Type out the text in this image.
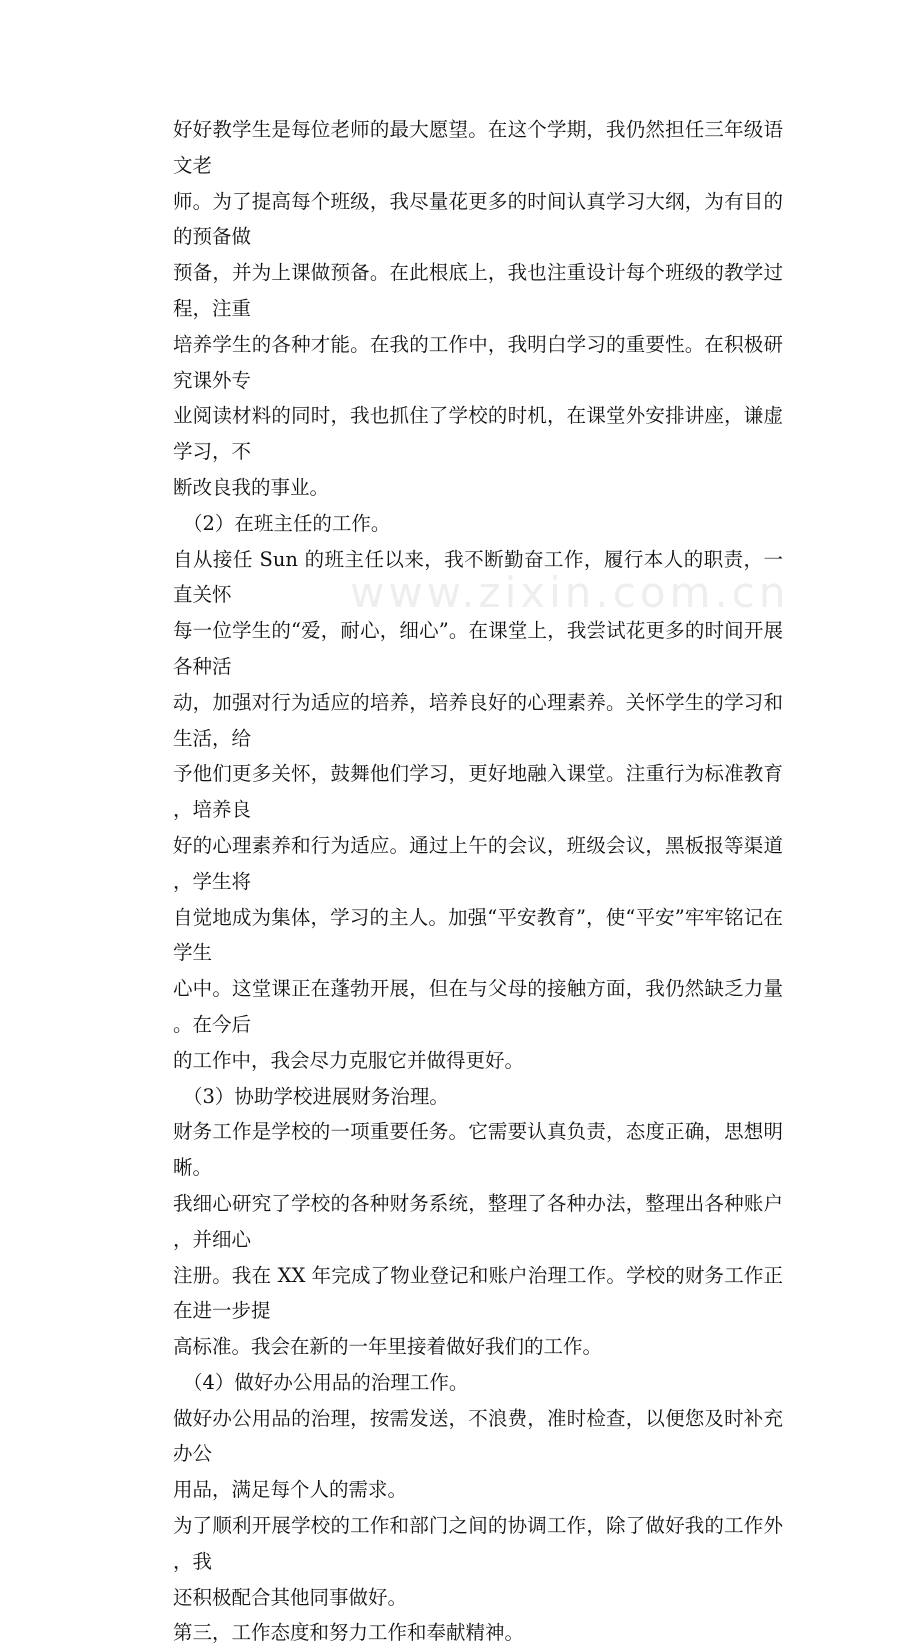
www.zixin.com.cn
好好教学生是每位老师的最大愿望。在这个学期，我仍然担任三年级语文老
师。为了提高每个班级，我尽量花更多的时间认真学习大纲，为有目的的预备做
预备，并为上课做预备。在此根底上，我也注重设计每个班级的教学过程，注重
培养学生的各种才能。在我的工作中，我明白学习的重要性。在积极研究课外专
业阅读材料的同时，我也抓住了学校的时机，在课堂外安排讲座，谦虚学习，不
断改良我的事业。
（2）在班主任的工作。
自从接任 Sun 的班主任以来，我不断勤奋工作，履行本人的职责，一直关怀
每一位学生的“爱，耐心，细心”。在课堂上，我尝试花更多的时间开展各种活
动，加强对行为适应的培养，培养良好的心理素养。关怀学生的学习和生活，给
予他们更多关怀，鼓舞他们学习，更好地融入课堂。注重行为标准教育，培养良
好的心理素养和行为适应。通过上午的会议，班级会议，黑板报等渠道，学生将
自觉地成为集体，学习的主人。加强“平安教育”，使“平安”牢牢铭记在学生
心中。这堂课正在蓬勃开展，但在与父母的接触方面，我仍然缺乏力量。在今后
的工作中，我会尽力克服它并做得更好。
（3）协助学校进展财务治理。
财务工作是学校的一项重要任务。它需要认真负责，态度正确，思想明晰。
我细心研究了学校的各种财务系统，整理了各种办法，整理出各种账户，并细心
注册。我在 XX 年完成了物业登记和账户治理工作。学校的财务工作正在进一步提
高标准。我会在新的一年里接着做好我们的工作。
（4）做好办公用品的治理工作。
做好办公用品的治理，按需发送，不浪费，准时检查，以便您及时补充办公
用品，满足每个人的需求。
为了顺利开展学校的工作和部门之间的协调工作，除了做好我的工作外，我
还积极配合其他同事做好。
第三，工作态度和努力工作和奉献精神。
